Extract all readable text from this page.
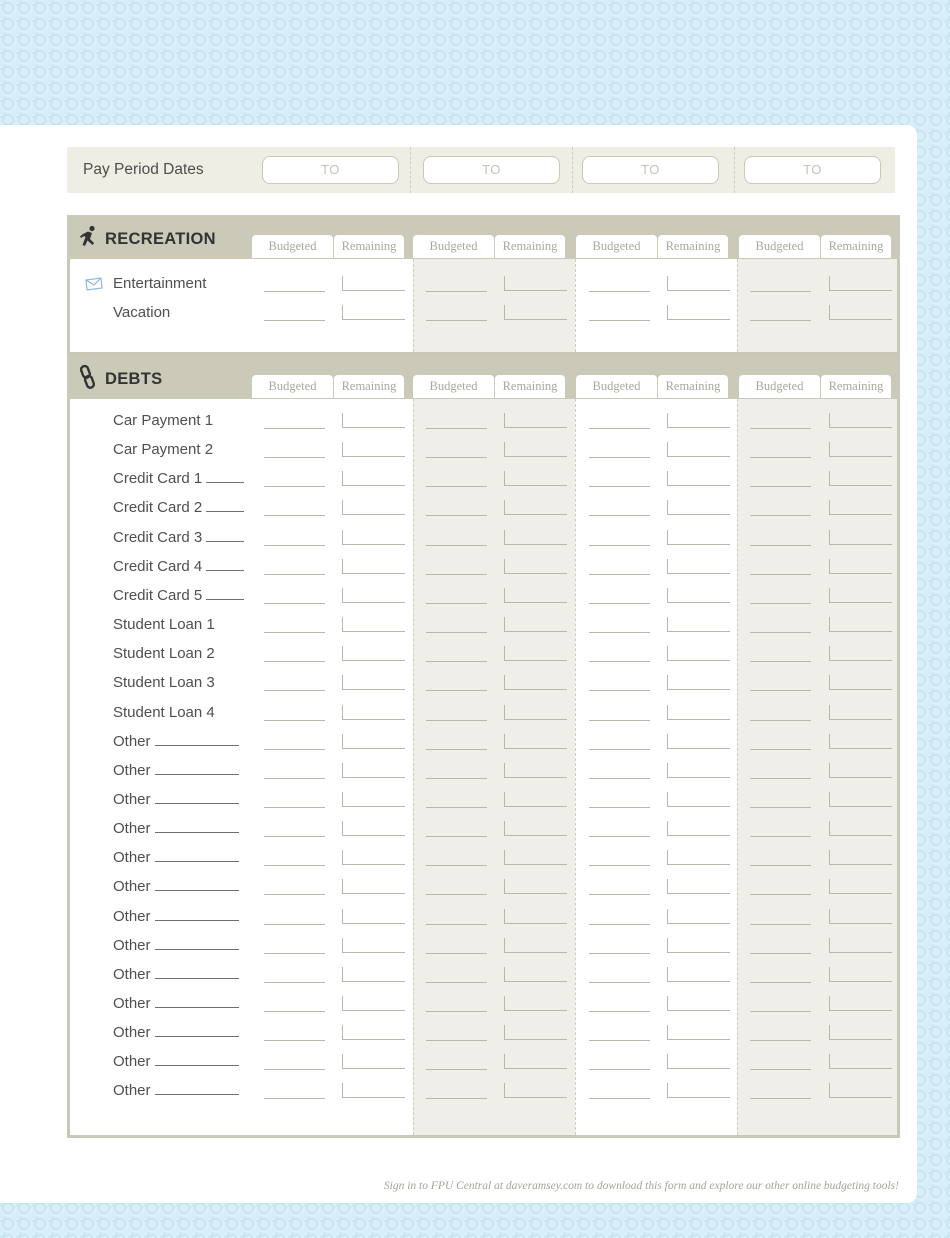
Pay Period Dates	TO	TO	TO	TO
RECREATION	Budgeted	Remaining	Budgeted	Remaining	Budgeted	Remaining	Budgeted	Remaining
Entertainment
Vacation
DEBTS	Budgeted	Remaining	Budgeted	Remaining	Budgeted	Remaining	Budgeted	Remaining
Car Payment 1
Car Payment 2
Credit Card 1
Credit Card 2
Credit Card 3
Credit Card 4
Credit Card 5
Student Loan 1
Student Loan 2
Student Loan 3
Student Loan 4
Other
Other
Other
Other
Other
Other
Other
Other
Other
Other
Other
Other
Other
Sign in to FPU Central at daveramsey.com to download this form and explore our other online budgeting tools!
